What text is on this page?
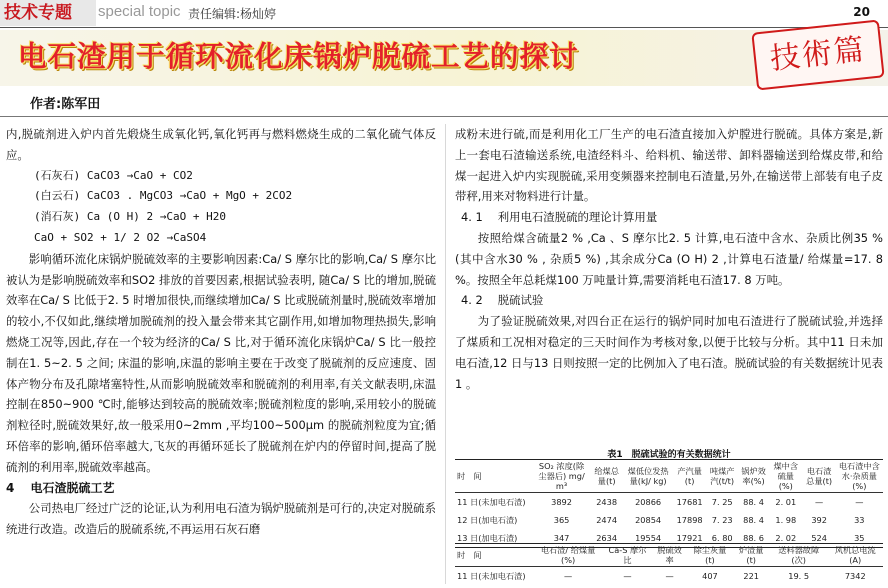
技术专题	special topic 责任编辑:杨灿婷	20
电石渣用于循环流化床锅炉脱硫工艺的探讨	技術篇
作者:陈军田

内,脱硫剂进入炉内首先煅烧生成氧化钙,氧化钙再与燃料燃烧生成的二氧化硫气体反应。

(石灰石) CaCO3 →CaO + CO2

(白云石) CaCO3 . MgCO3 →CaO + MgO + 2CO2

(消石灰) Ca (O H) 2 →CaO + H20

CaO + SO2 + 1/ 2 O2 →CaSO4

影响循环流化床锅炉脱硫效率的主要影响因素:Ca/ S 摩尔比的影响,Ca/ S 摩尔比被认为是影响脱硫效率和SO2 排放的首要因素,根据试验表明, 随Ca/ S 比的增加,脱硫效率在Ca/ S 比低于2. 5 时增加很快,而继续增加Ca/ S 比或脱硫剂量时,脱硫效率增加的较小,不仅如此,继续增加脱硫剂的投入量会带来其它副作用,如增加物理热损失,影响燃烧工况等,因此,存在一个较为经济的Ca/ S 比,对于循环流化床锅炉Ca/ S 比一般控制在1. 5~2. 5 之间; 床温的影响,床温的影响主要在于改变了脱硫剂的反应速度、固体产物分布及孔隙堵塞特性,从而影响脱硫效率和脱硫剂的利用率,有关文献表明,床温控制在850~900 ℃时,能够达到较高的脱硫效率;脱硫剂粒度的影响,采用较小的脱硫剂粒径时,脱硫效果好,故一般采用0~2mm ,平均100~500μm 的脱硫剂粒度为宜;循环倍率的影响,循环倍率越大,飞灰的再循环延长了脱硫剂在炉内的停留时间,提高了脱硫剂的利用率,脱硫效率越高。

4　 电石渣脱硫工艺

公司热电厂经过广泛的论证,认为利用电石渣为锅炉脱硫剂是可行的,决定对脱硫系统进行改造。改造后的脱硫系统,不再运用石灰石磨

成粉末进行硫,而是利用化工厂生产的电石渣直接加入炉膛进行脱硫。具体方案是,新上一套电石渣输送系统,电渣经料斗、给料机、输送带、卸料器输送到给煤皮带,和给煤一起进入炉内实现脱硫,采用变频器来控制电石渣量,另外,在输送带上部装有电子皮带秤,用来对物料进行计量。

4. 1　 利用电石渣脱硫的理论计算用量

按照给煤含硫量2 % ,Ca 、S 摩尔比2. 5 计算,电石渣中含水、杂质比例35 % (其中含水30 % , 杂质5 %) ,其余成分Ca (O H) 2 ,计算电石渣量/ 给煤量=17. 8 %。按照全年总耗煤100 万吨量计算,需要消耗电石渣17. 8 万吨。

4. 2　 脱硫试验

为了验证脱硫效果,对四台正在运行的锅炉同时加电石渣进行了脱硫试验,并选择了煤质和工况相对稳定的三天时间作为考核对象,以便于比较与分析。其中11 日未加电石渣,12 日与13 日则按照一定的比例加入了电石渣。脱硫试验的有关数据统计见表1 。

表1　脱硫试验的有关数据统计
时　间	SO₂ 浓度(除尘器后) mg/ m³	给煤总量(t)	煤低位发热量(kJ/ kg)	产汽量(t)	吨煤产汽(t/t)	锅炉效率(%)	煤中含硫量(%)	电石渣总量(t)	电石渣中含水·杂质量(%)
11 日(未加电石渣)	3892	2438	20866	17681	7. 25	88. 4	2. 01	—	—
12 日(加电石渣)	365	2474	20854	17898	7. 23	88. 4	1. 98	392	33
13 日(加电石渣)	347	2634	19554	17921	6. 80	88. 6	2. 02	524	35
时　间	电石渣/ 给煤量(%)	Ca-S 摩尔比	脱硫效率	除尘灰量(t)	炉渣量(t)	送料器故障(次)	风机总电流(A)
11 日(未加电石渣)	—	—	—	407	221	19. 5	7342
